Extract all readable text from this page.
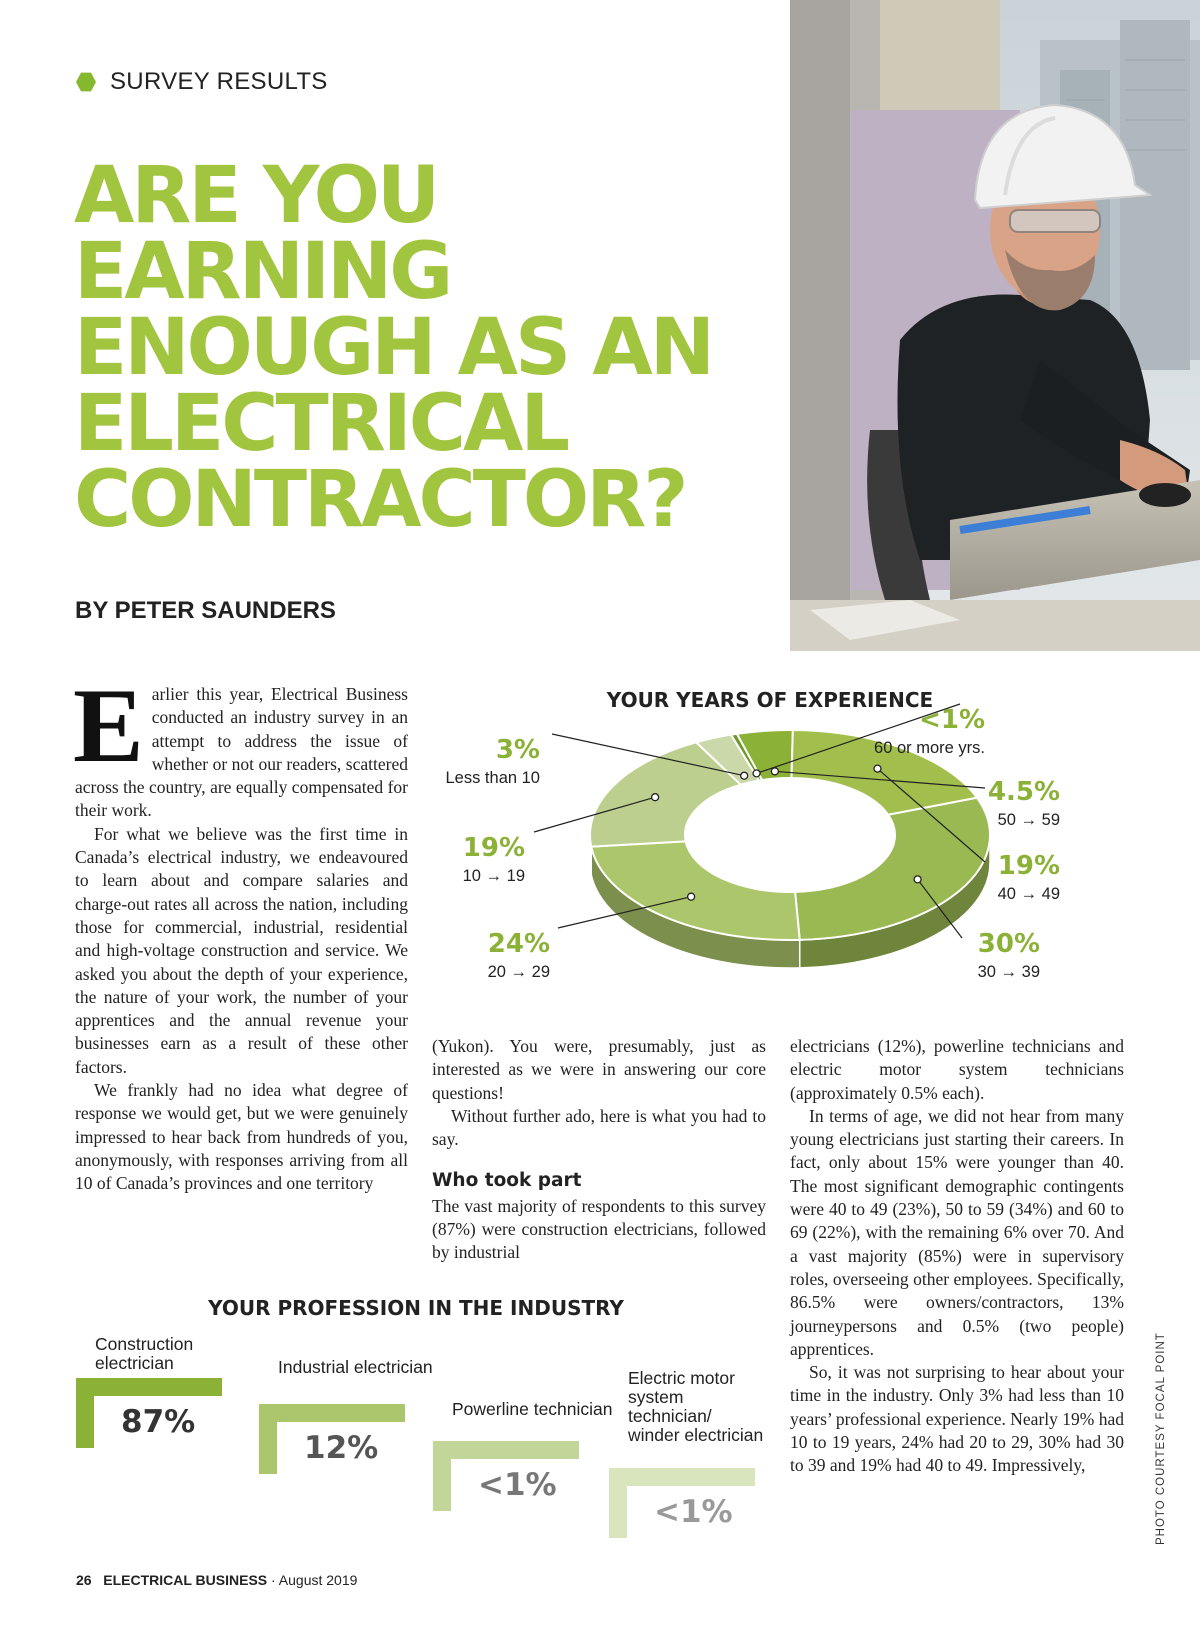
SURVEY RESULTS
ARE YOU
EARNING
ENOUGH AS AN
ELECTRICAL
CONTRACTOR?
BY PETER SAUNDERS

Earlier this year, Electrical Business conducted an industry survey in an attempt to address the issue of whether or not our readers, scattered across the country, are equally compensated for their work.

For what we believe was the first time in Canada’s electrical industry, we endeavoured to learn about and compare salaries and charge-out rates all across the nation, including those for commercial, industrial, residential and high-voltage construction and service. We asked you about the depth of your experience, the nature of your work, the number of your apprentices and the annual revenue your businesses earn as a result of these other factors.

We frankly had no idea what degree of response we would get, but we were genuinely impressed to hear back from hundreds of you, anonymously, with responses arriving from all 10 of Canada’s provinces and one territory

(Yukon). You were, presumably, just as interested as we were in answering our core questions!

Without further ado, here is what you had to say.

Who took part

The vast majority of respondents to this survey (87%) were construction electricians, followed by industrial

electricians (12%), powerline technicians and electric motor system technicians (approximately 0.5% each).

In terms of age, we did not hear from many young electricians just starting their careers. In fact, only about 15% were younger than 40. The most significant demographic contingents were 40 to 49 (23%), 50 to 59 (34%) and 60 to 69 (22%), with the remaining 6% over 70. And a vast majority (85%) were in supervisory roles, overseeing other employees. Specifically, 86.5% were owners/contractors, 13% journeypersons and 0.5% (two people) apprentices.

So, it was not surprising to hear about your time in the industry. Only 3% had less than 10 years’ professional experience. Nearly 19% had 10 to 19 years, 24% had 20 to 29, 30% had 30 to 39 and 19% had 40 to 49. Impressively,

YOUR YEARS OF EXPERIENCE
<1%
60 or more yrs.
4.5%
50 → 59
19%
40 → 49
30%
30 → 39
24%
20 → 29
19%
10 → 19
3%
Less than 10
YOUR PROFESSION IN THE INDUSTRY
Construction electrician
87%
Industrial electrician
12%
Powerline technician
<1%
Electric motor system technician/ winder electrician
<1%
26 ELECTRICAL BUSINESS · August 2019
PHOTO COURTESY FOCAL POINT
